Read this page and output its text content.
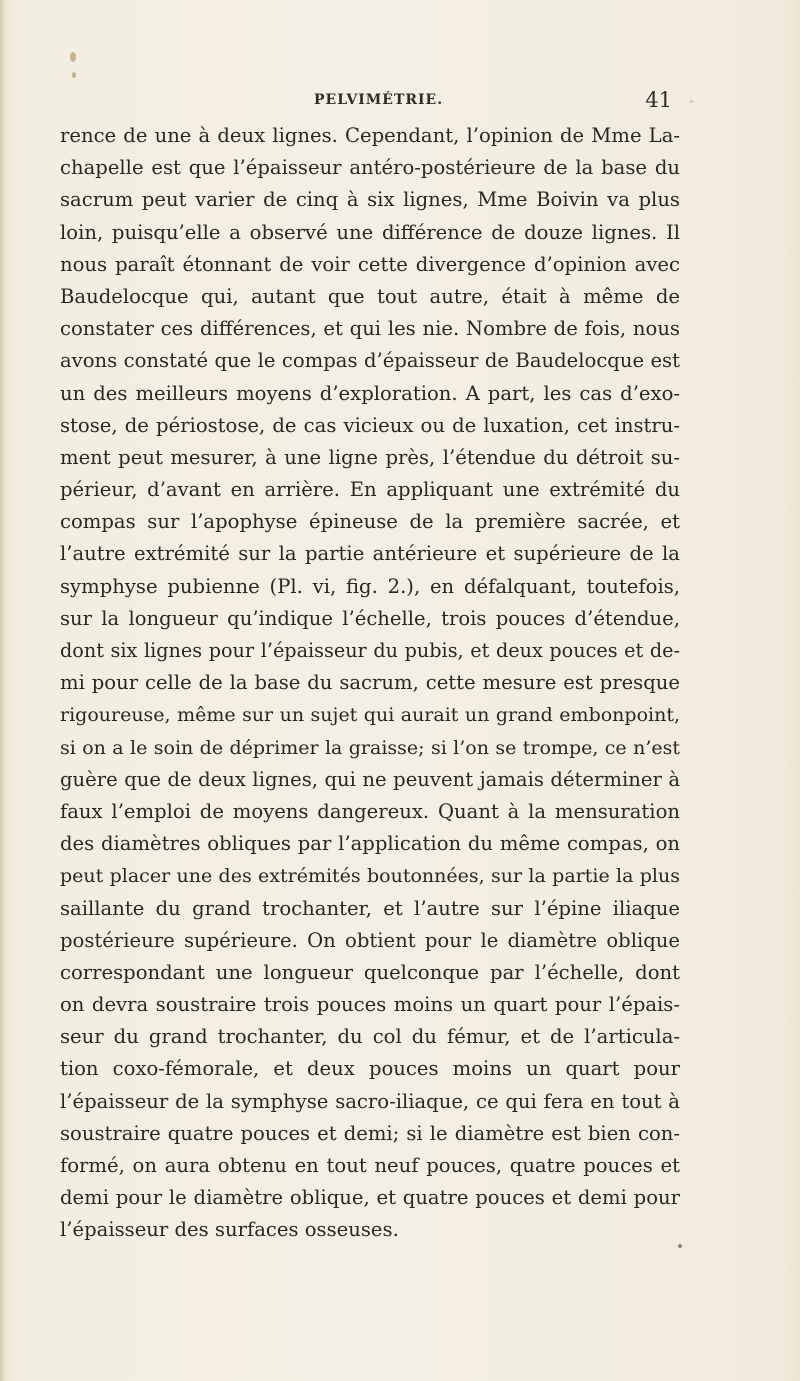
PELVIMÉTRIE.	41
rence de une à deux lignes. Cependant, l’opinion de Mme La-
chapelle est que l’épaisseur antéro-postérieure de la base du
sacrum peut varier de cinq à six lignes, Mme Boivin va plus
loin, puisqu’elle a observé une différence de douze lignes. Il
nous paraît étonnant de voir cette divergence d’opinion avec
Baudelocque qui, autant que tout autre, était à même de
constater ces différences, et qui les nie. Nombre de fois, nous
avons constaté que le compas d’épaisseur de Baudelocque est
un des meilleurs moyens d’exploration. A part, les cas d’exo-
stose, de périostose, de cas vicieux ou de luxation, cet instru-
ment peut mesurer, à une ligne près, l’étendue du détroit su-
périeur, d’avant en arrière. En appliquant une extrémité du
compas sur l’apophyse épineuse de la première sacrée, et
l’autre extrémité sur la partie antérieure et supérieure de la
symphyse pubienne (Pl. vi, fig. 2.), en défalquant, toutefois,
sur la longueur qu’indique l’échelle, trois pouces d’étendue,
dont six lignes pour l’épaisseur du pubis, et deux pouces et de-
mi pour celle de la base du sacrum, cette mesure est presque
rigoureuse, même sur un sujet qui aurait un grand embonpoint,
si on a le soin de déprimer la graisse; si l’on se trompe, ce n’est
guère que de deux lignes, qui ne peuvent jamais déterminer à
faux l’emploi de moyens dangereux. Quant à la mensuration
des diamètres obliques par l’application du même compas, on
peut placer une des extrémités boutonnées, sur la partie la plus
saillante du grand trochanter, et l’autre sur l’épine iliaque
postérieure supérieure. On obtient pour le diamètre oblique
correspondant une longueur quelconque par l’échelle, dont
on devra soustraire trois pouces moins un quart pour l’épais-
seur du grand trochanter, du col du fémur, et de l’articula-
tion coxo-fémorale, et deux pouces moins un quart pour
l’épaisseur de la symphyse sacro-iliaque, ce qui fera en tout à
soustraire quatre pouces et demi; si le diamètre est bien con-
formé, on aura obtenu en tout neuf pouces, quatre pouces et
demi pour le diamètre oblique, et quatre pouces et demi pour
l’épaisseur des surfaces osseuses.
